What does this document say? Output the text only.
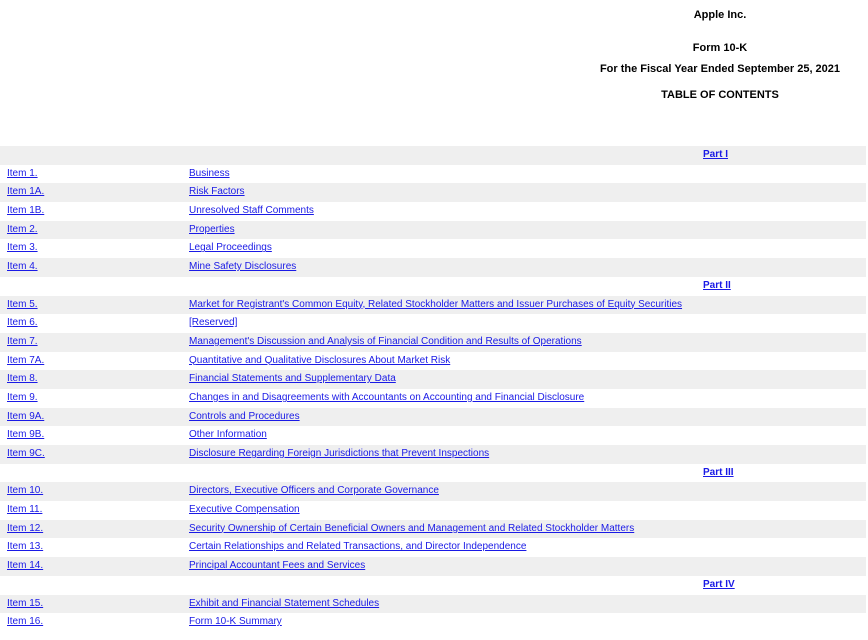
Apple Inc.
Form 10-K
For the Fiscal Year Ended September 25, 2021
TABLE OF CONTENTS
Part I
Item 1.	Business
Item 1A.	Risk Factors
Item 1B.	Unresolved Staff Comments
Item 2.	Properties
Item 3.	Legal Proceedings
Item 4.	Mine Safety Disclosures
Part II
Item 5.	Market for Registrant's Common Equity, Related Stockholder Matters and Issuer Purchases of Equity Securities
Item 6.	[Reserved]
Item 7.	Management's Discussion and Analysis of Financial Condition and Results of Operations
Item 7A.	Quantitative and Qualitative Disclosures About Market Risk
Item 8.	Financial Statements and Supplementary Data
Item 9.	Changes in and Disagreements with Accountants on Accounting and Financial Disclosure
Item 9A.	Controls and Procedures
Item 9B.	Other Information
Item 9C.	Disclosure Regarding Foreign Jurisdictions that Prevent Inspections
Part III
Item 10.	Directors, Executive Officers and Corporate Governance
Item 11.	Executive Compensation
Item 12.	Security Ownership of Certain Beneficial Owners and Management and Related Stockholder Matters
Item 13.	Certain Relationships and Related Transactions, and Director Independence
Item 14.	Principal Accountant Fees and Services
Part IV
Item 15.	Exhibit and Financial Statement Schedules
Item 16.	Form 10-K Summary
